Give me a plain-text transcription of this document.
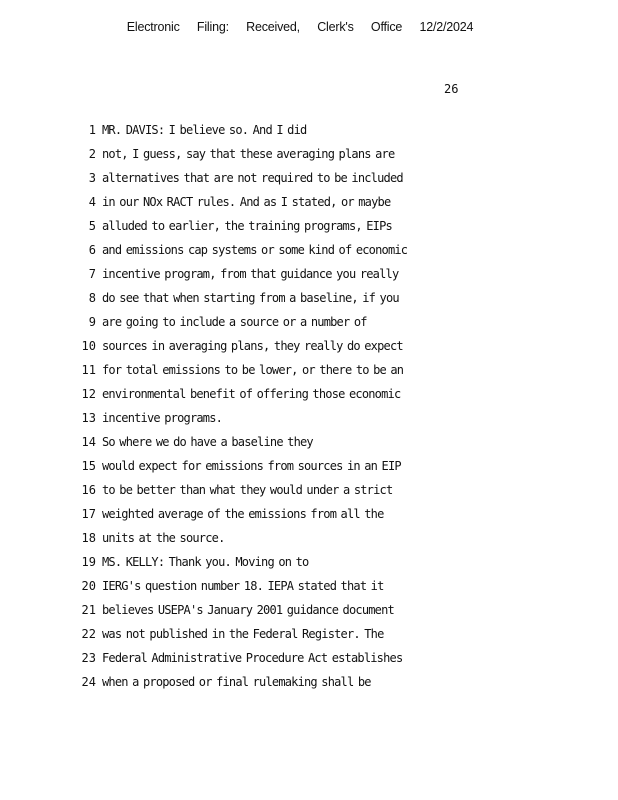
Electronic Filing: Received, Clerk's Office 12/2/2024
26
1 MR. DAVIS: I believe so. And I did
2 not, I guess, say that these averaging plans are
3 alternatives that are not required to be included
4 in our NOx RACT rules. And as I stated, or maybe
5 alluded to earlier, the training programs, EIPs
6 and emissions cap systems or some kind of economic
7 incentive program, from that guidance you really
8 do see that when starting from a baseline, if you
9 are going to include a source or a number of
10 sources in averaging plans, they really do expect
11 for total emissions to be lower, or there to be an
12 environmental benefit of offering those economic
13 incentive programs.
14 So where we do have a baseline they
15 would expect for emissions from sources in an EIP
16 to be better than what they would under a strict
17 weighted average of the emissions from all the
18 units at the source.
19 MS. KELLY: Thank you. Moving on to
20 IERG's question number 18. IEPA stated that it
21 believes USEPA's January 2001 guidance document
22 was not published in the Federal Register. The
23 Federal Administrative Procedure Act establishes
24 when a proposed or final rulemaking shall be
